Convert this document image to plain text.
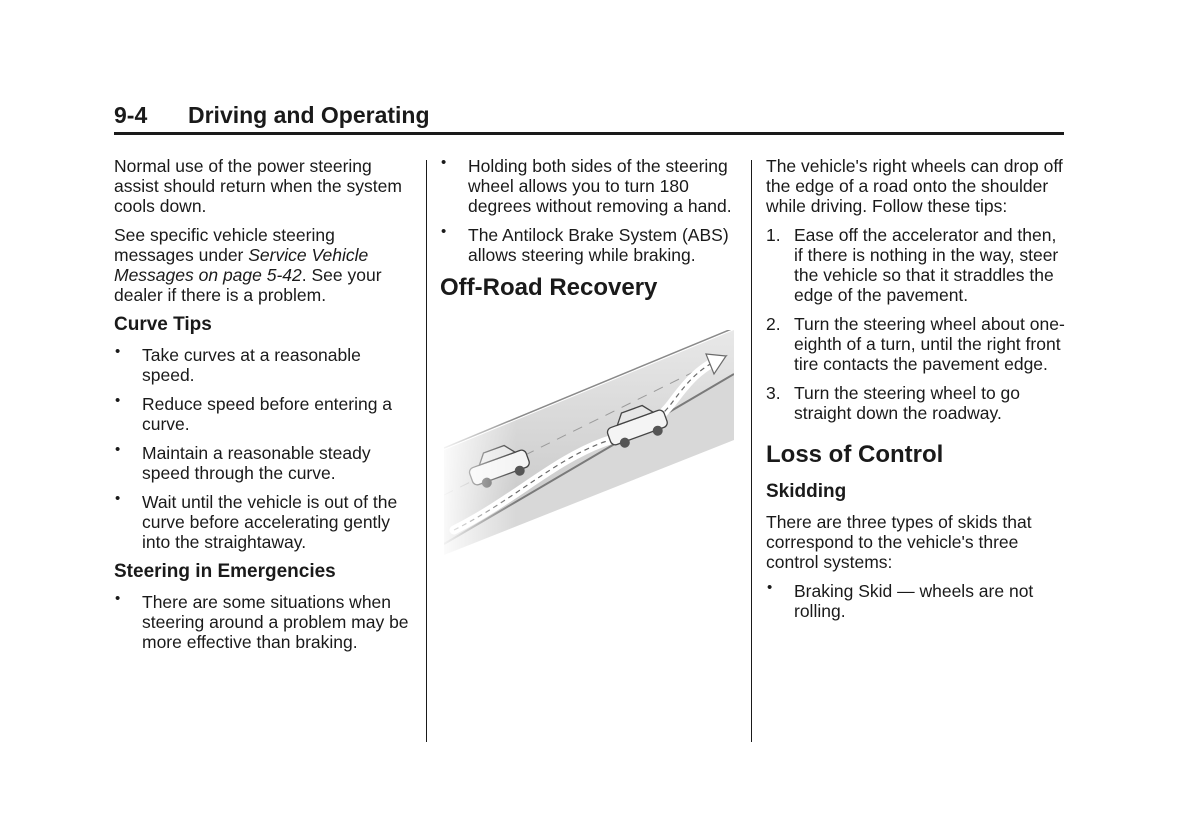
9-4 Driving and Operating

Normal use of the power steering assist should return when the system cools down.

See specific vehicle steering messages under Service Vehicle Messages on page 5-42. See your dealer if there is a problem.

Curve Tips
• Take curves at a reasonable speed.
• Reduce speed before entering a curve.
• Maintain a reasonable steady speed through the curve.
• Wait until the vehicle is out of the curve before accelerating gently into the straightaway.
Steering in Emergencies
• There are some situations when steering around a problem may be more effective than braking.
• Holding both sides of the steering wheel allows you to turn 180 degrees without removing a hand.
• The Antilock Brake System (ABS) allows steering while braking.
Off-Road Recovery

The vehicle's right wheels can drop off the edge of a road onto the shoulder while driving. Follow these tips:

1. Ease off the accelerator and then, if there is nothing in the way, steer the vehicle so that it straddles the edge of the pavement.
2. Turn the steering wheel about one-eighth of a turn, until the right front tire contacts the pavement edge.
3. Turn the steering wheel to go straight down the roadway.
Loss of Control
Skidding

There are three types of skids that correspond to the vehicle's three control systems:

• Braking Skid — wheels are not rolling.
